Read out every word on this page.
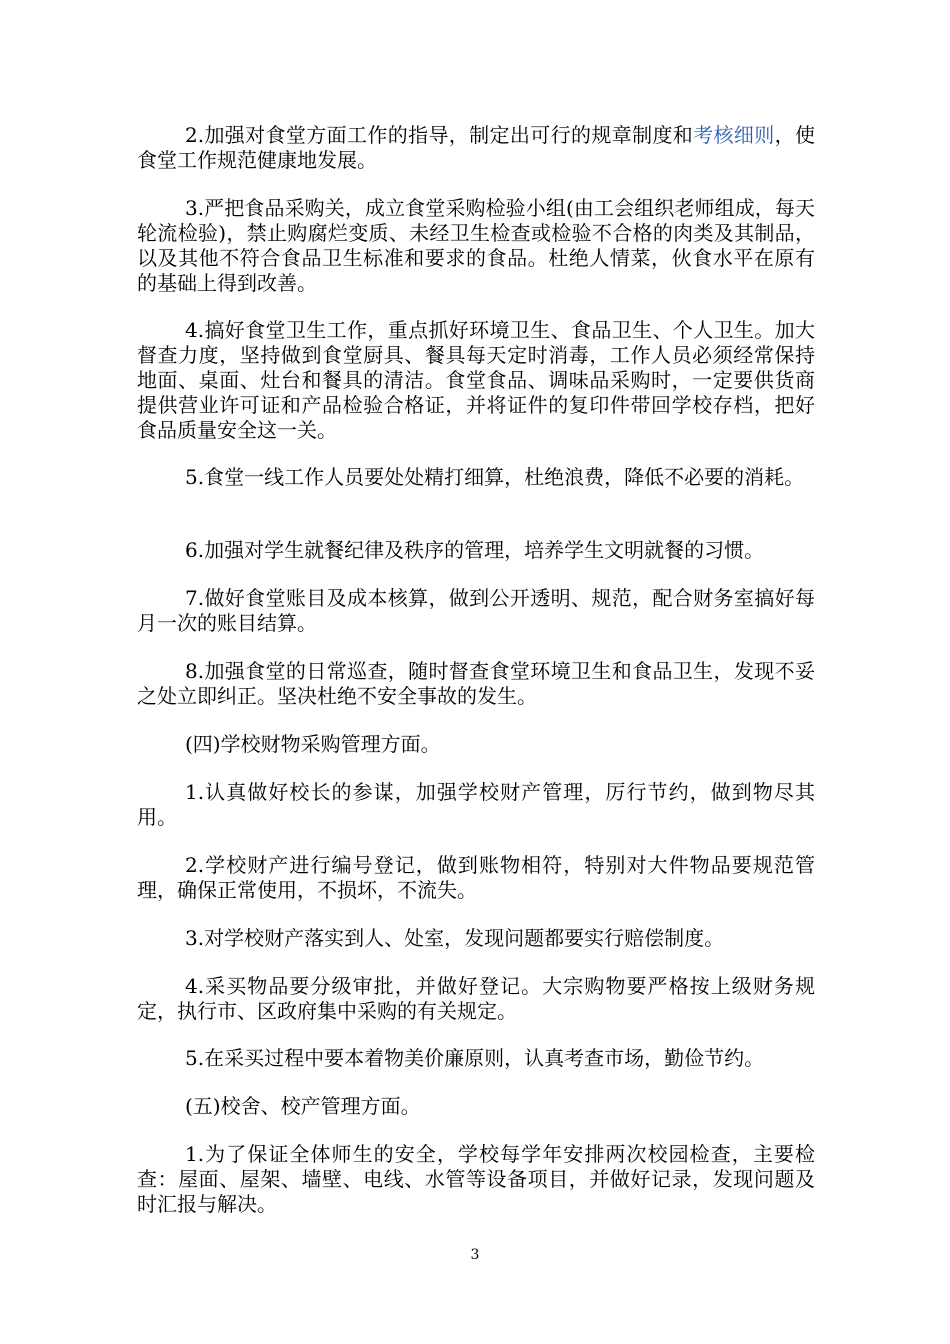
2.加强对食堂方面工作的指导，制定出可行的规章制度和考核细则，使食堂工作规范健康地发展。

3.严把食品采购关，成立食堂采购检验小组(由工会组织老师组成，每天轮流检验)，禁止购腐烂变质、未经卫生检查或检验不合格的肉类及其制品，以及其他不符合食品卫生标准和要求的食品。杜绝人情菜，伙食水平在原有的基础上得到改善。

4.搞好食堂卫生工作，重点抓好环境卫生、食品卫生、个人卫生。加大督查力度，坚持做到食堂厨具、餐具每天定时消毒，工作人员必须经常保持地面、桌面、灶台和餐具的清洁。食堂食品、调味品采购时，一定要供货商提供营业许可证和产品检验合格证，并将证件的复印件带回学校存档，把好食品质量安全这一关。

5.食堂一线工作人员要处处精打细算，杜绝浪费，降低不必要的消耗。

6.加强对学生就餐纪律及秩序的管理，培养学生文明就餐的习惯。

7.做好食堂账目及成本核算，做到公开透明、规范，配合财务室搞好每月一次的账目结算。

8.加强食堂的日常巡查，随时督查食堂环境卫生和食品卫生，发现不妥之处立即纠正。坚决杜绝不安全事故的发生。

(四)学校财物采购管理方面。

1.认真做好校长的参谋，加强学校财产管理，厉行节约，做到物尽其用。

2.学校财产进行编号登记，做到账物相符，特别对大件物品要规范管理，确保正常使用，不损坏，不流失。

3.对学校财产落实到人、处室，发现问题都要实行赔偿制度。

4.采买物品要分级审批，并做好登记。大宗购物要严格按上级财务规定，执行市、区政府集中采购的有关规定。

5.在采买过程中要本着物美价廉原则，认真考查市场，勤俭节约。

(五)校舍、校产管理方面。

1.为了保证全体师生的安全，学校每学年安排两次校园检查，主要检查：屋面、屋架、墙壁、电线、水管等设备项目，并做好记录，发现问题及时汇报与解决。

3
